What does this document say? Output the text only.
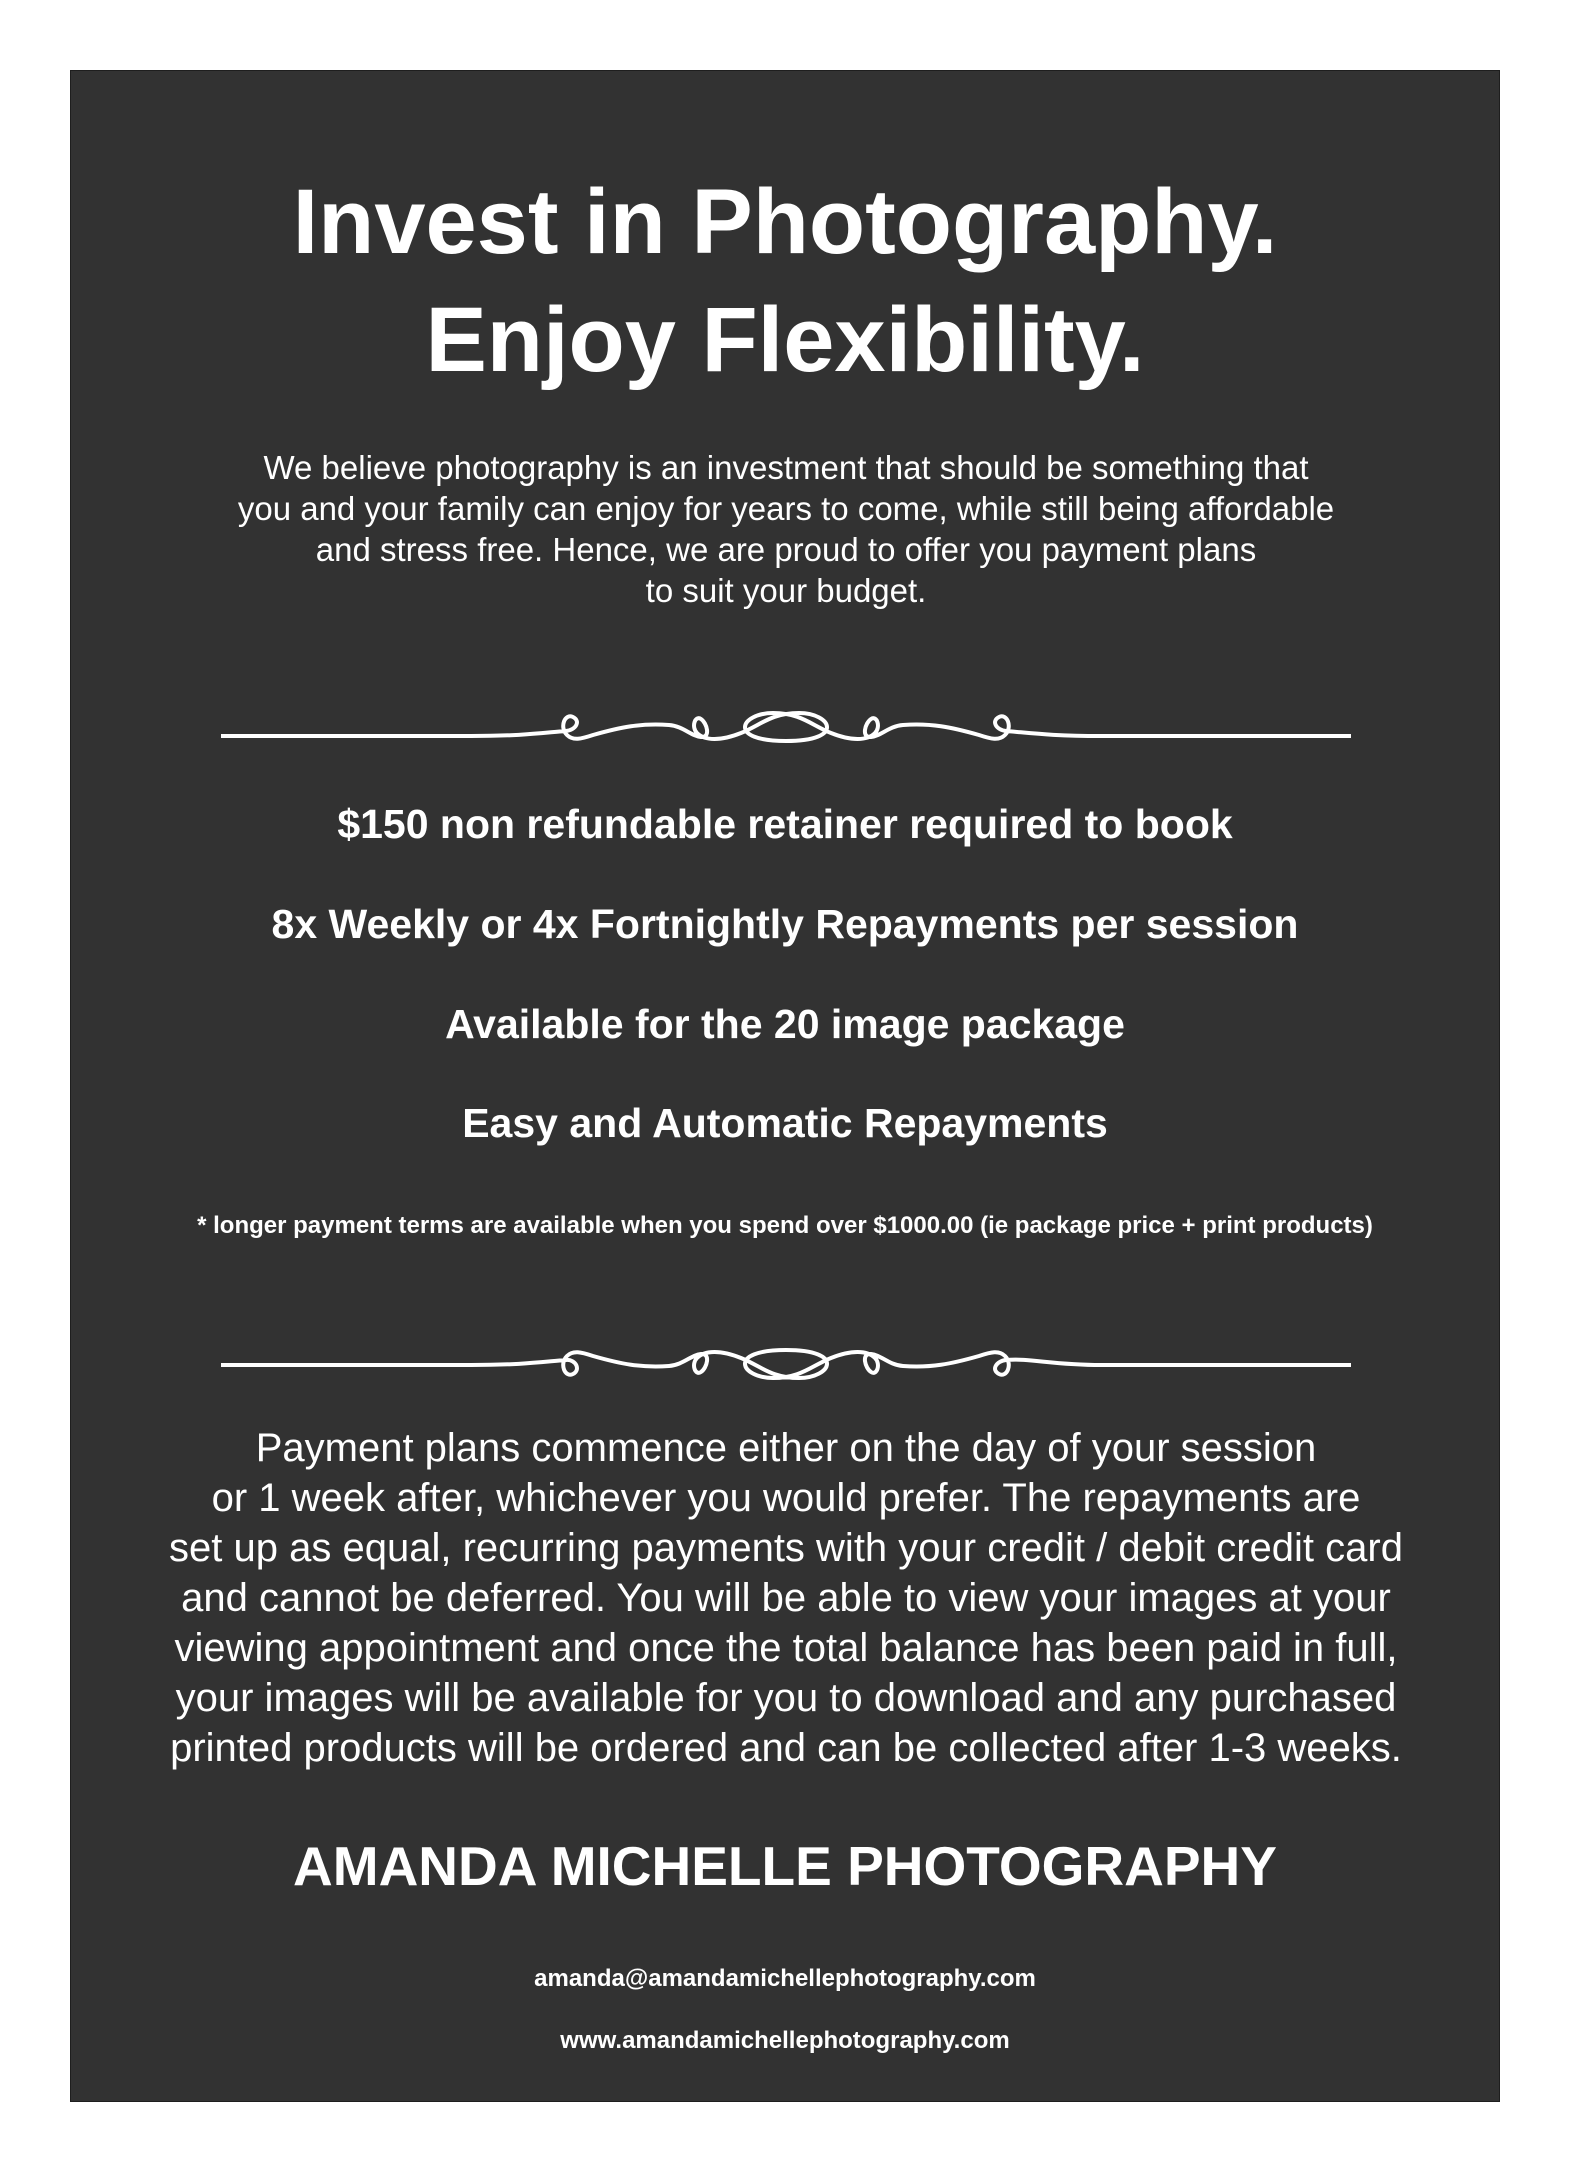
Invest in Photography.
Enjoy Flexibility.

We believe photography is an investment that should be something that
you and your family can enjoy for years to come, while still being affordable
and stress free. Hence, we are proud to offer you payment plans
to suit your budget.

$150 non refundable retainer required to book

8x Weekly or 4x Fortnightly Repayments per session

Available for the 20 image package

Easy and Automatic Repayments

* longer payment terms are available when you spend over $1000.00 (ie package price + print products)

Payment plans commence either on the day of your session
or 1 week after, whichever you would prefer. The repayments are
set up as equal, recurring payments with your credit / debit credit card
and cannot be deferred. You will be able to view your images at your
viewing appointment and once the total balance has been paid in full,
your images will be available for you to download and any purchased
printed products will be ordered and can be collected after 1-3 weeks.

AMANDA MICHELLE PHOTOGRAPHY

amanda@amandamichellephotography.com

www.amandamichellephotography.com
